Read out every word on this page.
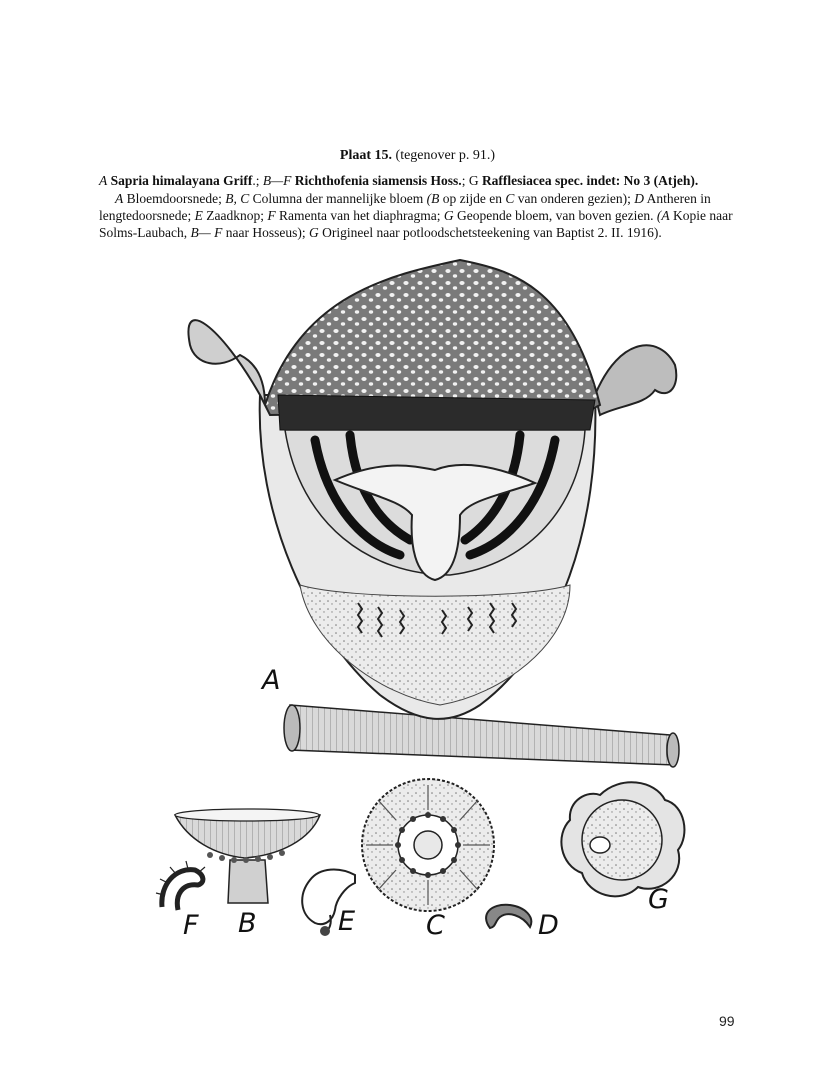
Plaat 15. (tegenover p. 91.)
A Sapria himalayana Griff.; B—F Richthofenia siamensis Hoss.; G Rafflesiacea spec. indet: No 3 (Atjeh).
A Bloemdoorsnede; B, C Columna der mannelijke bloem (B op zijde en C van onderen gezien); D Antheren in lengtedoorsnede; E Zaadknop; F Ramenta van het diaphragma; G Geopende bloem, van boven gezien. (A Kopie naar Solms-Laubach, B— F naar Hosseus); G Origineel naar potloodschetsteekening van Baptist 2. II. 1916).
A
B	C	D
E
F
G
99
